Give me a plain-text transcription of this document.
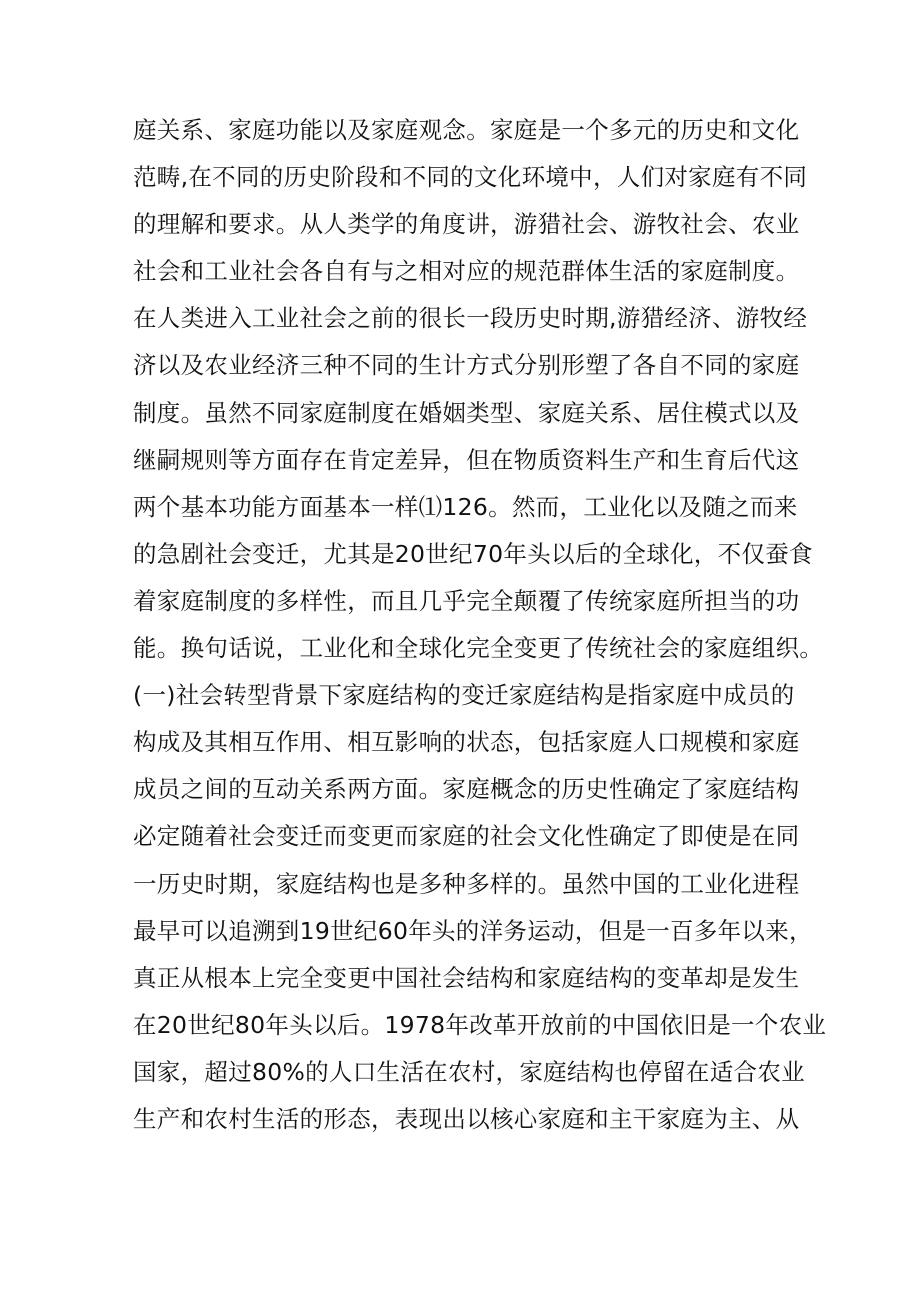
庭关系、家庭功能以及家庭观念。家庭是一个多元的历史和文化
范畴,在不同的历史阶段和不同的文化环境中，人们对家庭有不同
的理解和要求。从人类学的角度讲，游猎社会、游牧社会、农业
社会和工业社会各自有与之相对应的规范群体生活的家庭制度。
在人类进入工业社会之前的很长一段历史时期,游猎经济、游牧经
济以及农业经济三种不同的生计方式分别形塑了各自不同的家庭
制度。虽然不同家庭制度在婚姻类型、家庭关系、居住模式以及
继嗣规则等方面存在肯定差异，但在物质资料生产和生育后代这
两个基本功能方面基本一样⑴126。然而，工业化以及随之而来
的急剧社会变迁，尤其是20世纪70年头以后的全球化，不仅蚕食
着家庭制度的多样性，而且几乎完全颠覆了传统家庭所担当的功
能。换句话说，工业化和全球化完全变更了传统社会的家庭组织。
(一)社会转型背景下家庭结构的变迁家庭结构是指家庭中成员的
构成及其相互作用、相互影响的状态，包括家庭人口规模和家庭
成员之间的互动关系两方面。家庭概念的历史性确定了家庭结构
必定随着社会变迁而变更而家庭的社会文化性确定了即使是在同
一历史时期，家庭结构也是多种多样的。虽然中国的工业化进程
最早可以追溯到19世纪60年头的洋务运动，但是一百多年以来，
真正从根本上完全变更中国社会结构和家庭结构的变革却是发生
在20世纪80年头以后。1978年改革开放前的中国依旧是一个农业
国家，超过80%的人口生活在农村，家庭结构也停留在适合农业
生产和农村生活的形态，表现出以核心家庭和主干家庭为主、从
